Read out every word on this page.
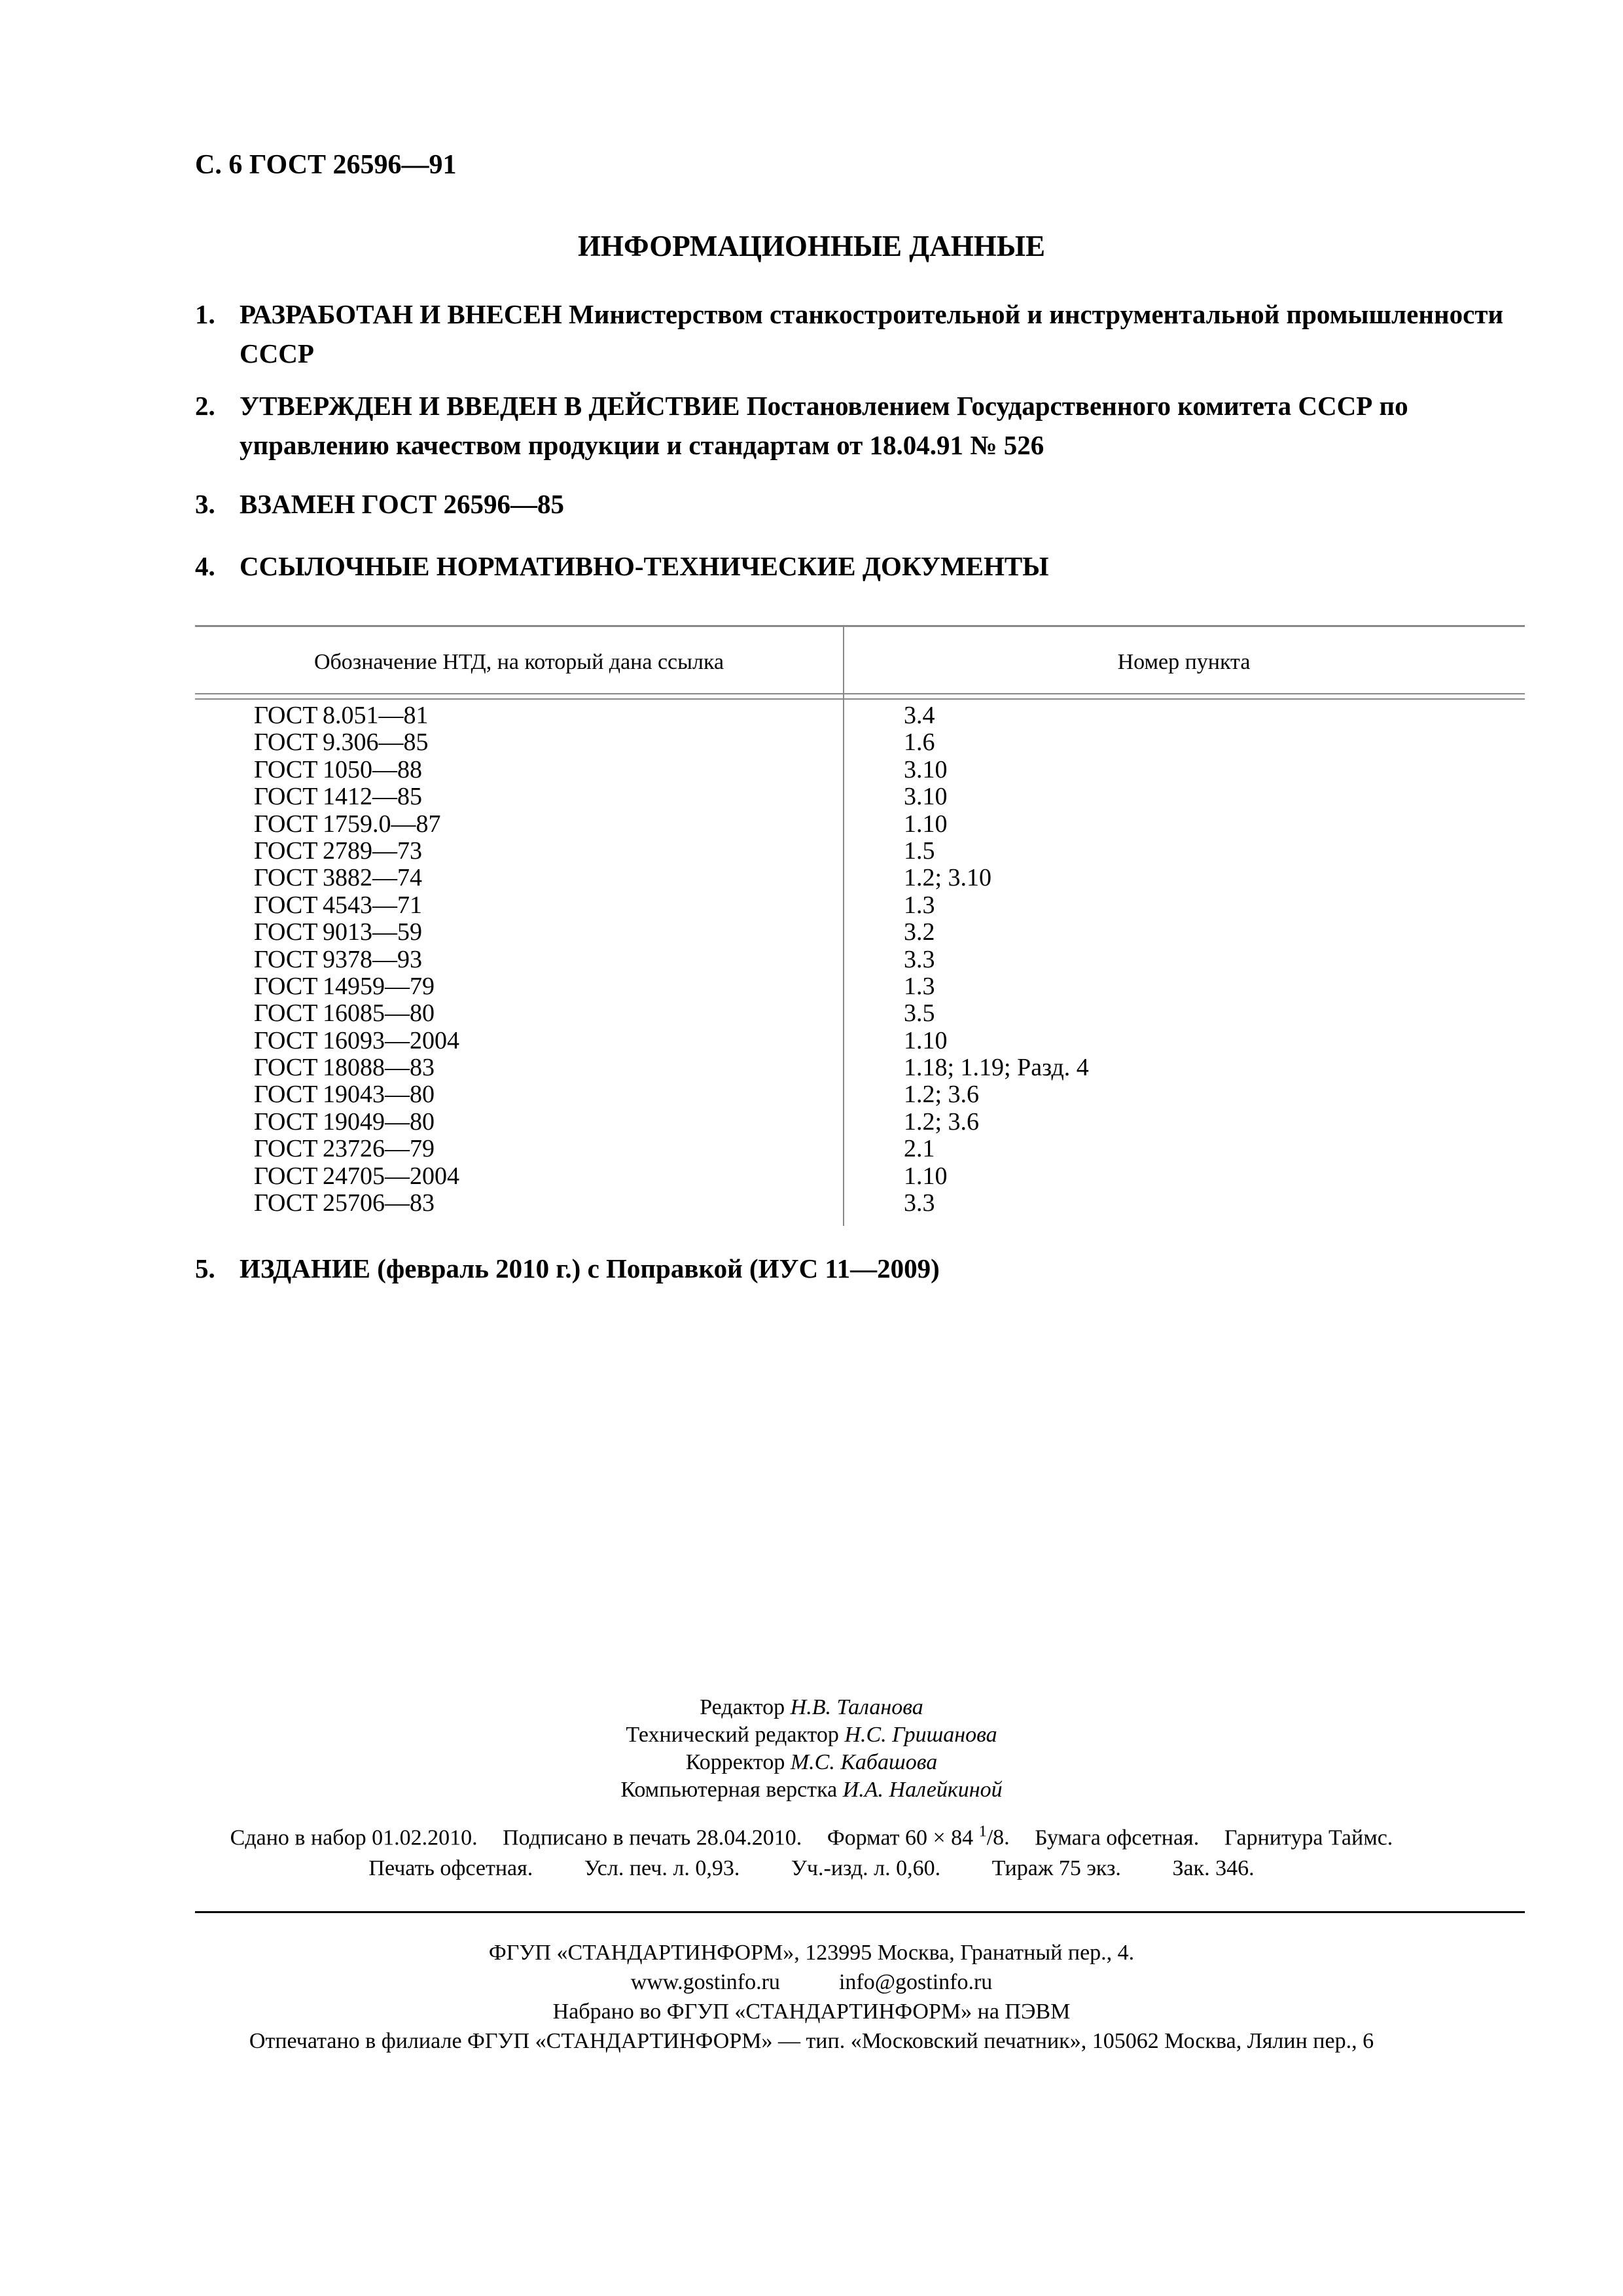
С. 6 ГОСТ 26596—91
ИНФОРМАЦИОННЫЕ ДАННЫЕ
1. РАЗРАБОТАН И ВНЕСЕН Министерством станкостроительной и инструментальной промышленности СССР
2. УТВЕРЖДЕН И ВВЕДЕН В ДЕЙСТВИЕ Постановлением Государственного комитета СССР по управлению качеством продукции и стандартам от 18.04.91 № 526
3. ВЗАМЕН ГОСТ 26596—85
4. ССЫЛОЧНЫЕ НОРМАТИВНО-ТЕХНИЧЕСКИЕ ДОКУМЕНТЫ
Обозначение НТД, на который дана ссылка	Номер пункта
ГОСТ 8.051—81	3.4
ГОСТ 9.306—85	1.6
ГОСТ 1050—88	3.10
ГОСТ 1412—85	3.10
ГОСТ 1759.0—87	1.10
ГОСТ 2789—73	1.5
ГОСТ 3882—74	1.2; 3.10
ГОСТ 4543—71	1.3
ГОСТ 9013—59	3.2
ГОСТ 9378—93	3.3
ГОСТ 14959—79	1.3
ГОСТ 16085—80	3.5
ГОСТ 16093—2004	1.10
ГОСТ 18088—83	1.18; 1.19; Разд. 4
ГОСТ 19043—80	1.2; 3.6
ГОСТ 19049—80	1.2; 3.6
ГОСТ 23726—79	2.1
ГОСТ 24705—2004	1.10
ГОСТ 25706—83	3.3
5. ИЗДАНИЕ (февраль 2010 г.) с Поправкой (ИУС 11—2009)
Редактор Н.В. Таланова
Технический редактор Н.С. Гришанова
Корректор М.С. Кабашова
Компьютерная верстка И.А. Налейкиной
Сдано в набор 01.02.2010. Подписано в печать 28.04.2010. Формат 60 × 84 $^1$/8. Бумага офсетная. Гарнитура Таймс.
Печать офсетная. Усл. печ. л. 0,93. Уч.-изд. л. 0,60. Тираж 75 экз. Зак. 346.
ФГУП «СТАНДАРТИНФОРМ», 123995 Москва, Гранатный пер., 4.
www.gostinfo.ru	info@gostinfo.ru
Набрано во ФГУП «СТАНДАРТИНФОРМ» на ПЭВМ
Отпечатано в филиале ФГУП «СТАНДАРТИНФОРМ» — тип. «Московский печатник», 105062 Москва, Лялин пер., 6
